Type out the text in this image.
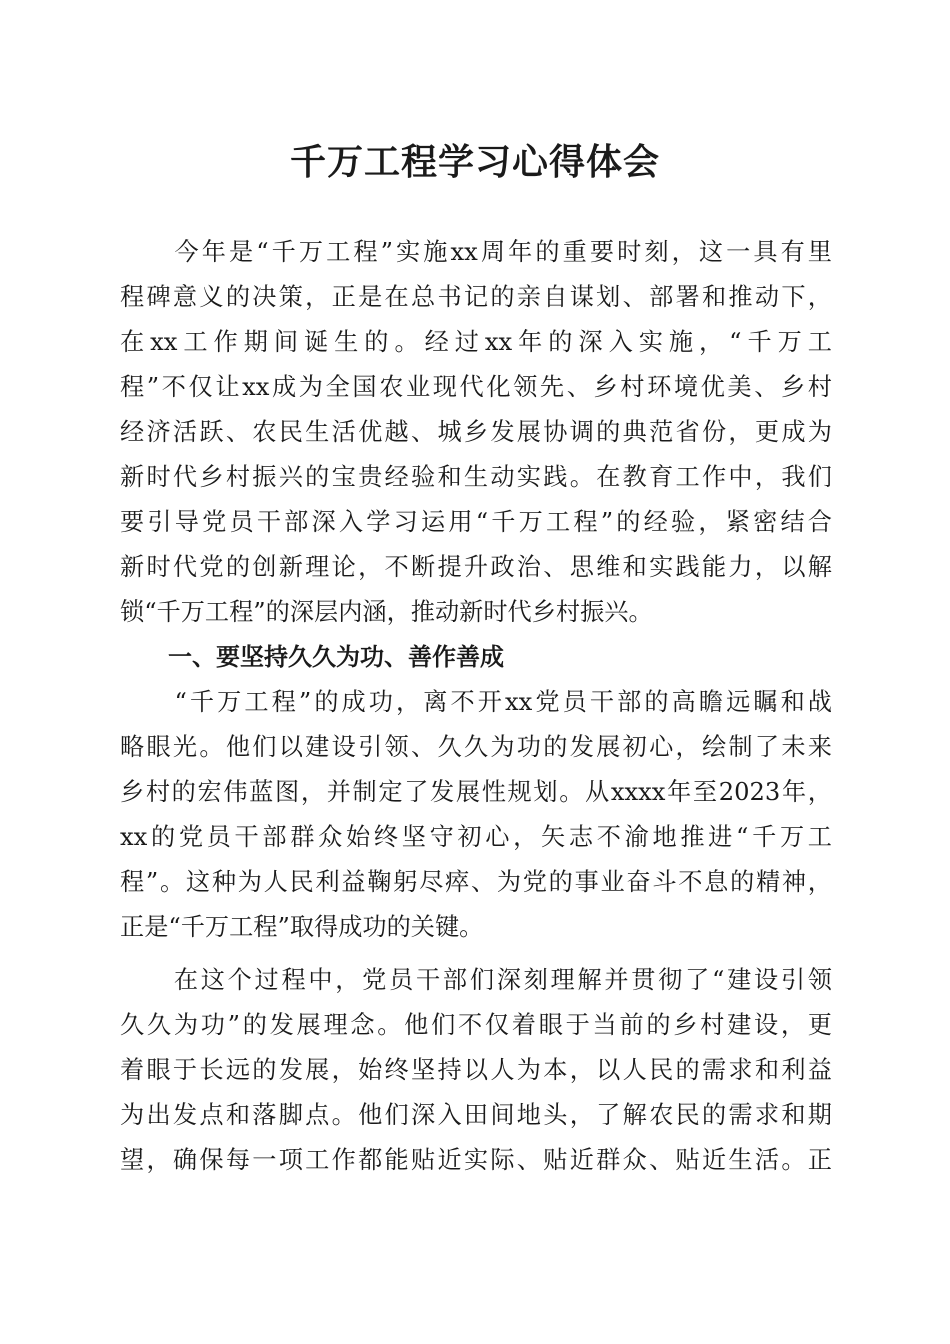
千万工程学习心得体会
　　今年是“千万工程”实施xx周年的重要时刻，这一具有里
程碑意义的决策，正是在总书记的亲自谋划、部署和推动下，
在xx工作期间诞生的。经过xx年的深入实施，“千万工
程”不仅让xx成为全国农业现代化领先、乡村环境优美、乡村
经济活跃、农民生活优越、城乡发展协调的典范省份，更成为
新时代乡村振兴的宝贵经验和生动实践。在教育工作中，我们
要引导党员干部深入学习运用“千万工程”的经验，紧密结合
新时代党的创新理论，不断提升政治、思维和实践能力，以解
锁“千万工程”的深层内涵，推动新时代乡村振兴。
　　一、要坚持久久为功、善作善成
　　“千万工程”的成功，离不开xx党员干部的高瞻远瞩和战
略眼光。他们以建设引领、久久为功的发展初心，绘制了未来
乡村的宏伟蓝图，并制定了发展性规划。从xxxx年至2023年，
xx的党员干部群众始终坚守初心，矢志不渝地推进“千万工
程”。这种为人民利益鞠躬尽瘁、为党的事业奋斗不息的精神，
正是“千万工程”取得成功的关键。
　　在这个过程中，党员干部们深刻理解并贯彻了“建设引领
久久为功”的发展理念。他们不仅着眼于当前的乡村建设，更
着眼于长远的发展，始终坚持以人为本，以人民的需求和利益
为出发点和落脚点。他们深入田间地头，了解农民的需求和期
望，确保每一项工作都能贴近实际、贴近群众、贴近生活。正
